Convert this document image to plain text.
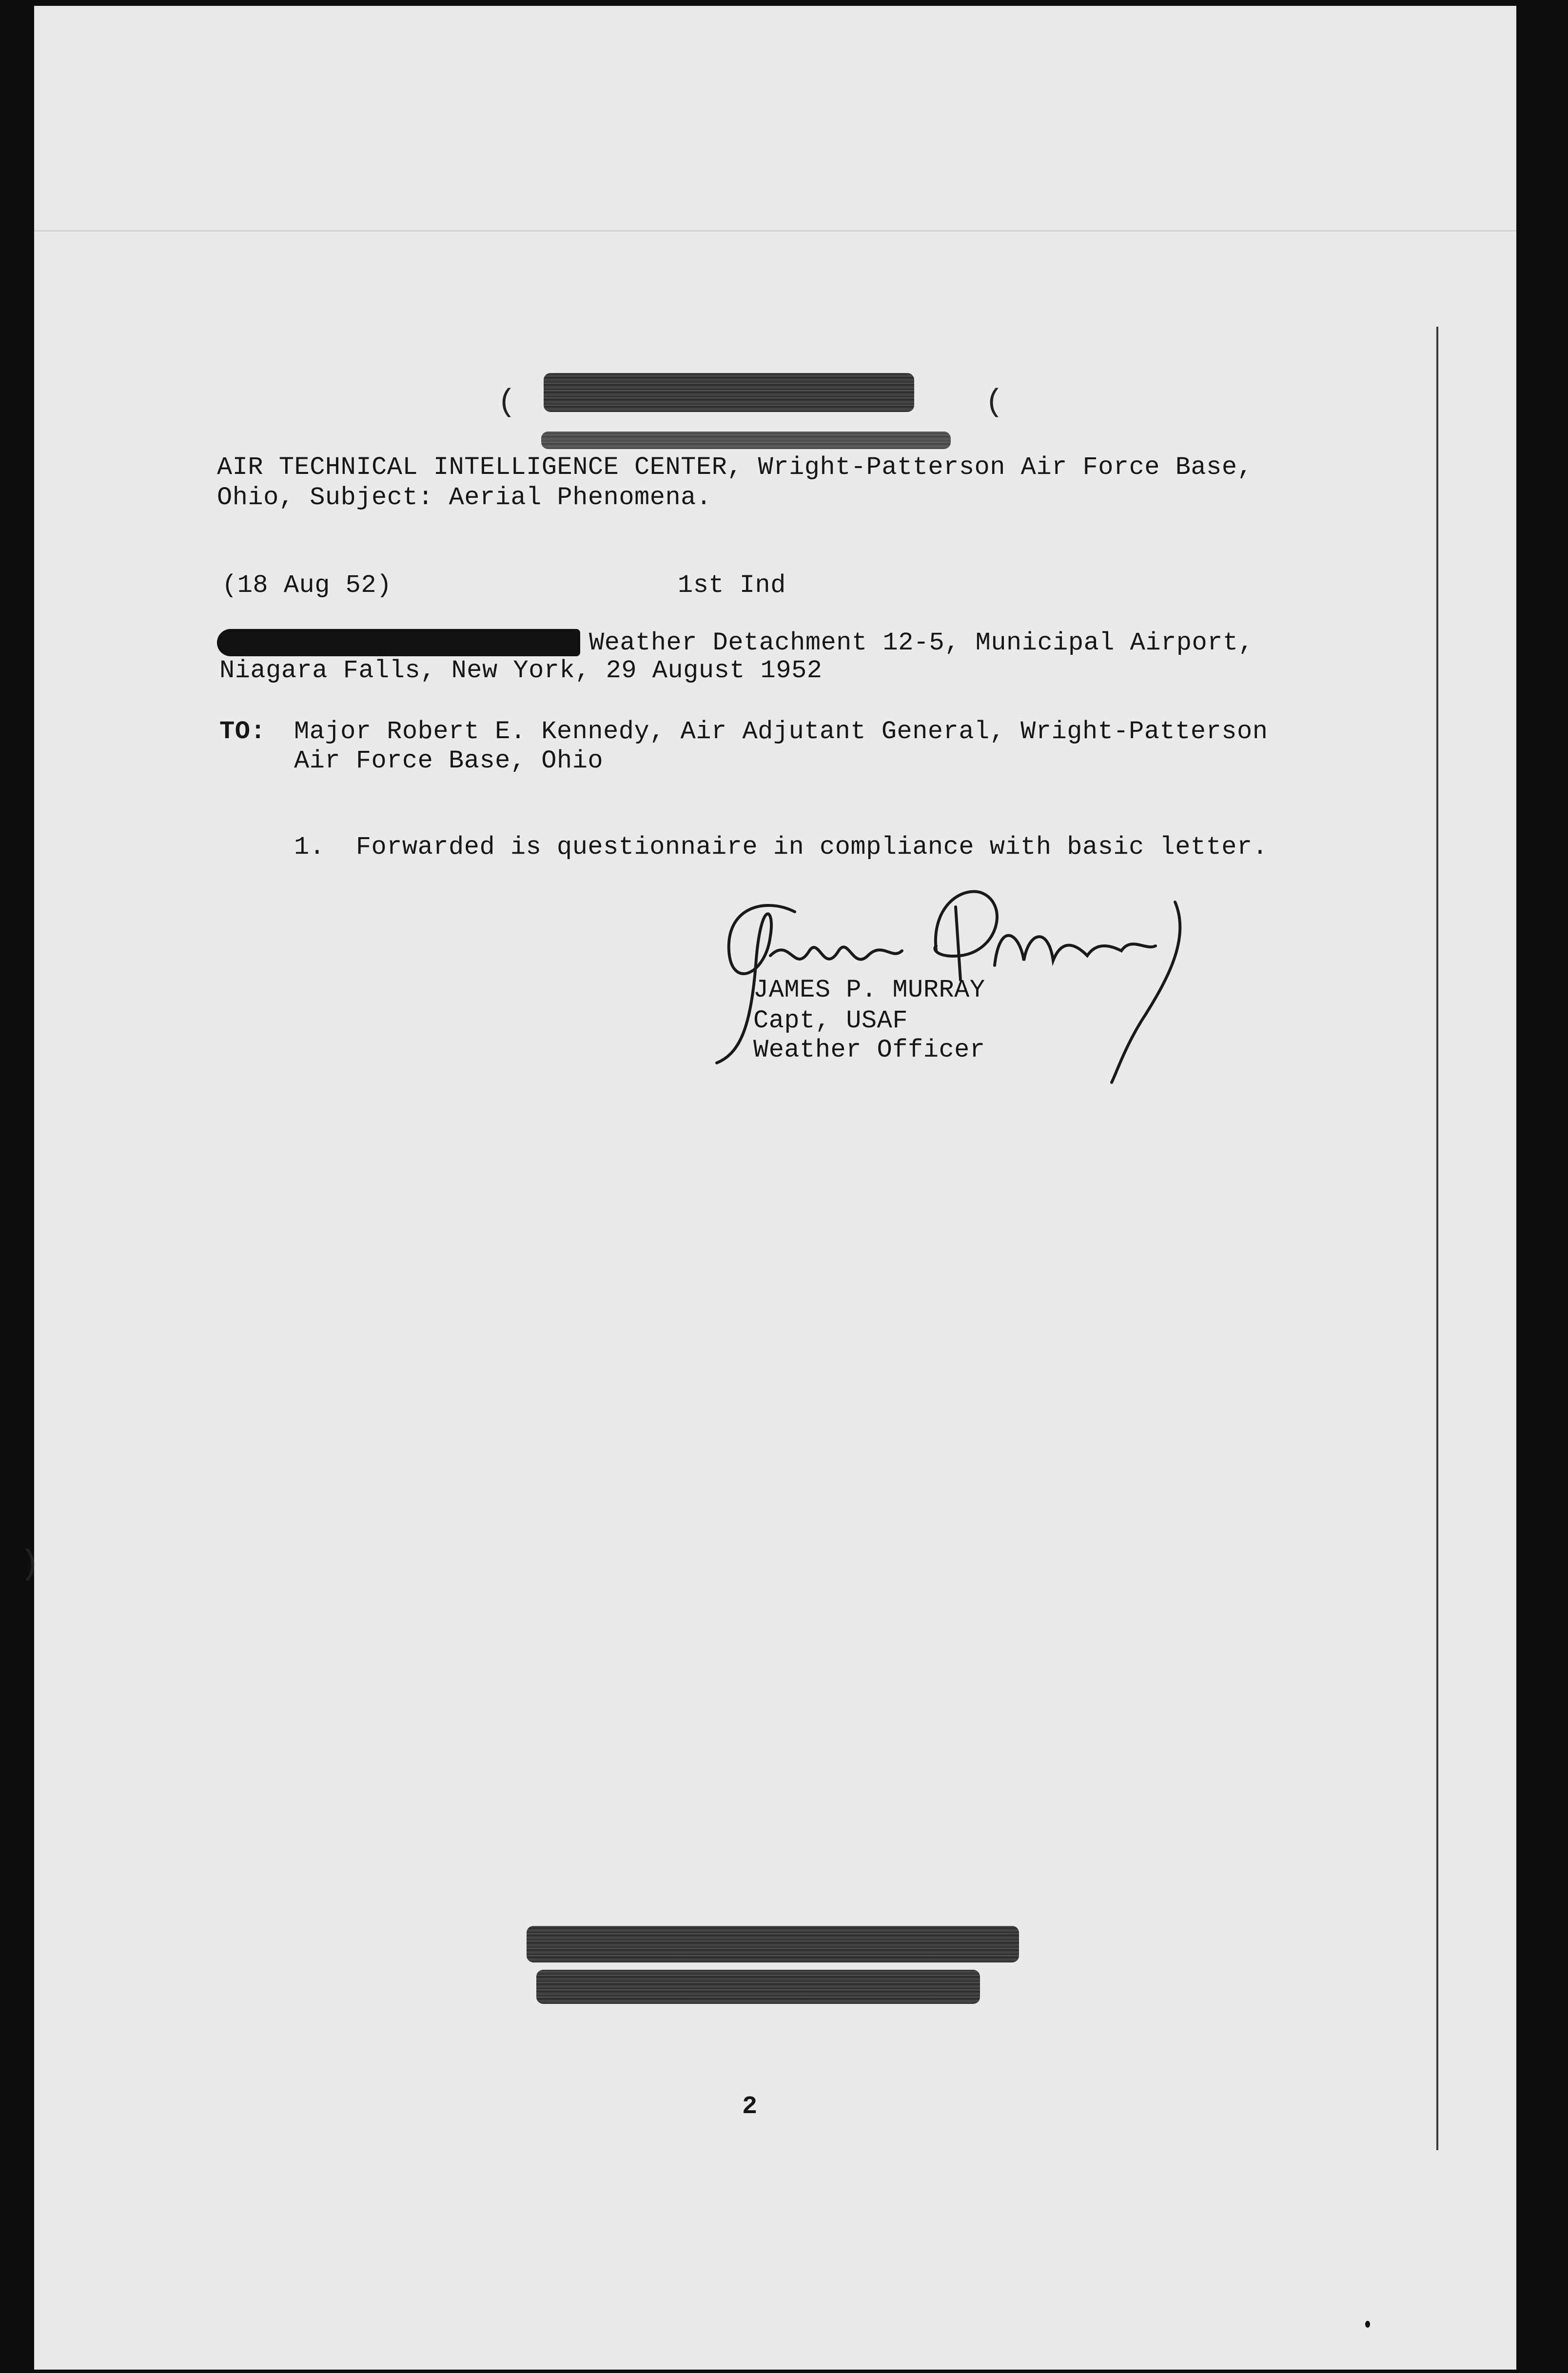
)
(	(

AIR TECHNICAL INTELLIGENCE CENTER, Wright-Patterson Air Force Base,

Ohio, Subject: Aerial Phenomena.

(18 Aug 52)	1st Ind

Weather Detachment 12-5, Municipal Airport,

Niagara Falls, New York, 29 August 1952

TO: Major Robert E. Kennedy, Air Adjutant General, Wright-Patterson

Air Force Base, Ohio

1.  Forwarded is questionnaire in compliance with basic letter.

James P. Murray

JAMES P. MURRAY

Capt, USAF

Weather Officer

2
